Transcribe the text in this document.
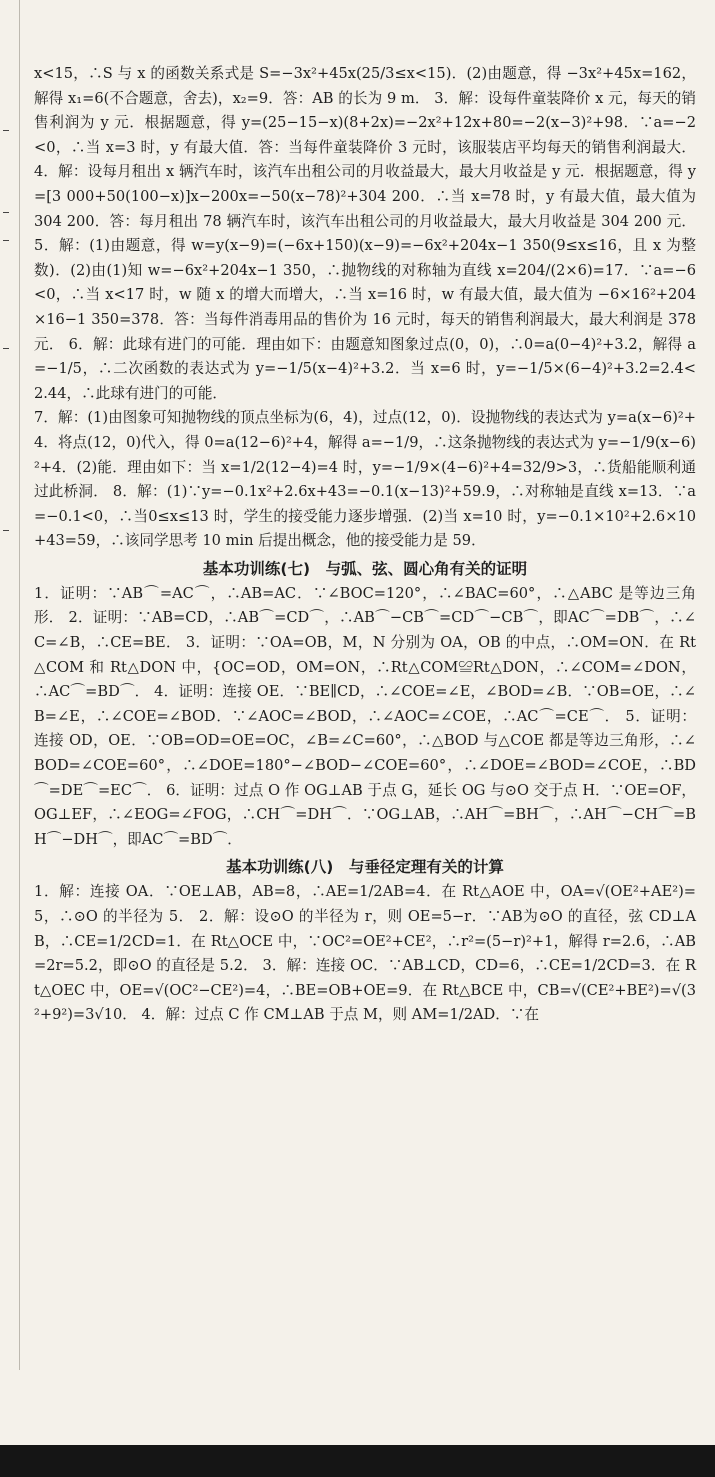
x<15，∴S 与 x 的函数关系式是 S=−3x²+45x(25/3≤x<15)．(2)由题意，得 −3x²+45x=162，解得 x₁=6(不合题意，舍去)，x₂=9．答：AB 的长为 9 m． 3．解：设每件童装降价 x 元，每天的销售利润为 y 元．根据题意，得 y=(25−15−x)(8+2x)=−2x²+12x+80=−2(x−3)²+98．∵a=−2<0，∴当 x=3 时，y 有最大值．答：当每件童装降价 3 元时，该服装店平均每天的销售利润最大． 4．解：设每月租出 x 辆汽车时，该汽车出租公司的月收益最大，最大月收益是 y 元．根据题意，得 y=[3 000+50(100−x)]x−200x=−50(x−78)²+304 200．∴当 x=78 时，y 有最大值，最大值为 304 200．答：每月租出 78 辆汽车时，该汽车出租公司的月收益最大，最大月收益是 304 200 元． 5．解：(1)由题意，得 w=y(x−9)=(−6x+150)(x−9)=−6x²+204x−1 350(9≤x≤16，且 x 为整数)．(2)由(1)知 w=−6x²+204x−1 350，∴抛物线的对称轴为直线 x=204/(2×6)=17．∵a=−6<0，∴当 x<17 时，w 随 x 的增大而增大，∴当 x=16 时，w 有最大值，最大值为 −6×16²+204×16−1 350=378．答：当每件消毒用品的售价为 16 元时，每天的销售利润最大，最大利润是 378 元． 6．解：此球有进门的可能．理由如下：由题意知图象过点(0，0)，∴0=a(0−4)²+3.2，解得 a=−1/5，∴二次函数的表达式为 y=−1/5(x−4)²+3.2．当 x=6 时，y=−1/5×(6−4)²+3.2=2.4<2.44，∴此球有进门的可能．

7．解：(1)由图象可知抛物线的顶点坐标为(6，4)，过点(12，0)．设抛物线的表达式为 y=a(x−6)²+4．将点(12，0)代入，得 0=a(12−6)²+4，解得 a=−1/9，∴这条抛物线的表达式为 y=−1/9(x−6)²+4．(2)能．理由如下：当 x=1/2(12−4)=4 时，y=−1/9×(4−6)²+4=32/9>3，∴货船能顺利通过此桥洞． 8．解：(1)∵y=−0.1x²+2.6x+43=−0.1(x−13)²+59.9，∴对称轴是直线 x=13．∵a=−0.1<0，∴当0≤x≤13 时，学生的接受能力逐步增强．(2)当 x=10 时，y=−0.1×10²+2.6×10+43=59，∴该同学思考 10 min 后提出概念，他的接受能力是 59．

基本功训练(七)　与弧、弦、圆心角有关的证明

1．证明：∵AB⌒=AC⌒，∴AB=AC．∵∠BOC=120°，∴∠BAC=60°，∴△ABC 是等边三角形． 2．证明：∵AB=CD，∴AB⌒=CD⌒，∴AB⌒−CB⌒=CD⌒−CB⌒，即AC⌒=DB⌒，∴∠C=∠B，∴CE=BE． 3．证明：∵OA=OB，M，N 分别为 OA，OB 的中点，∴OM=ON．在 Rt△COM 和 Rt△DON 中，{OC=OD，OM=ON，∴Rt△COM≌Rt△DON，∴∠COM=∠DON，∴AC⌒=BD⌒． 4．证明：连接 OE．∵BE∥CD，∴∠COE=∠E，∠BOD=∠B．∵OB=OE，∴∠B=∠E，∴∠COE=∠BOD．∵∠AOC=∠BOD，∴∠AOC=∠COE，∴AC⌒=CE⌒． 5．证明：连接 OD，OE．∵OB=OD=OE=OC，∠B=∠C=60°，∴△BOD 与△COE 都是等边三角形，∴∠BOD=∠COE=60°，∴∠DOE=180°−∠BOD−∠COE=60°，∴∠DOE=∠BOD=∠COE，∴BD⌒=DE⌒=EC⌒． 6．证明：过点 O 作 OG⊥AB 于点 G，延长 OG 与⊙O 交于点 H．∵OE=OF，OG⊥EF，∴∠EOG=∠FOG，∴CH⌒=DH⌒．∵OG⊥AB，∴AH⌒=BH⌒，∴AH⌒−CH⌒=BH⌒−DH⌒，即AC⌒=BD⌒．

基本功训练(八)　与垂径定理有关的计算

1．解：连接 OA．∵OE⊥AB，AB=8，∴AE=1/2AB=4．在 Rt△AOE 中，OA=√(OE²+AE²)=5，∴⊙O 的半径为 5． 2．解：设⊙O 的半径为 r，则 OE=5−r．∵AB为⊙O 的直径，弦 CD⊥AB，∴CE=1/2CD=1．在 Rt△OCE 中，∵OC²=OE²+CE²，∴r²=(5−r)²+1，解得 r=2.6，∴AB=2r=5.2，即⊙O 的直径是 5.2． 3．解：连接 OC．∵AB⊥CD，CD=6，∴CE=1/2CD=3．在 Rt△OEC 中，OE=√(OC²−CE²)=4，∴BE=OB+OE=9．在 Rt△BCE 中，CB=√(CE²+BE²)=√(3²+9²)=3√10． 4．解：过点 C 作 CM⊥AB 于点 M，则 AM=1/2AD．∵在
